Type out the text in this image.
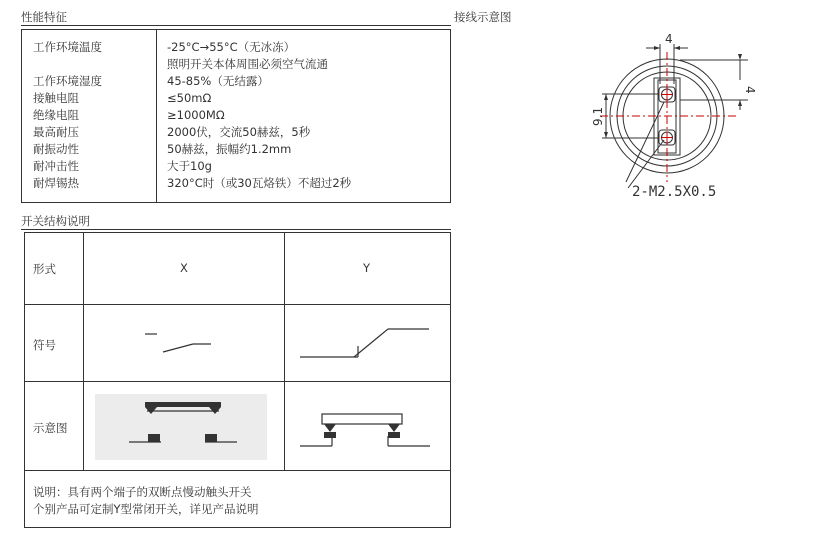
性能特征
工作环境温度
工作环境湿度
接触电阻
绝缘电阻
最高耐压
耐振动性
耐冲击性
耐焊锡热
-25°C→55°C（无冰冻）
照明开关本体周围必须空气流通
45-85%（无结露）
≤50mΩ
≥1000MΩ
2000伏，交流50赫兹，5秒
50赫兹，振幅约1.2mm
大于10g
320°C时（或30瓦烙铁）不超过2秒
接线示意图
4
4
9.1
2-M2.5X0.5
开关结构说明
形式	X	Y
符号
示意图
说明：具有两个端子的双断点慢动触头开关
个别产品可定制Y型常闭开关，详见产品说明
